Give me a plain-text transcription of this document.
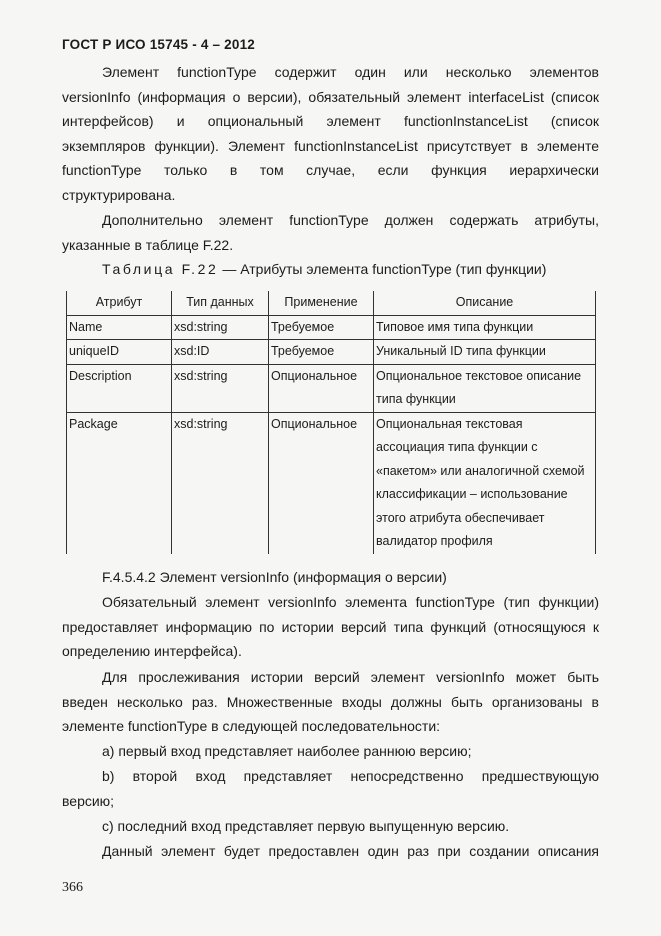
ГОСТ Р ИСО 15745 - 4 – 2012
Элемент functionType содержит один или несколько элементов
versionInfo (информация о версии), обязательный элемент interfaceList (список
интерфейсов) и опциональный элемент functionInstanceList (список
экземпляров функции). Элемент functionInstanceList присутствует в элементе
functionType только в том случае, если функция иерархически
структурирована.
Дополнительно элемент functionType должен содержать атрибуты,
указанные в таблице F.22.
Таблица F.22 — Атрибуты элемента functionType (тип функции)
Атрибут	Тип данных	Применение	Описание
Name	xsd:string	Требуемое	Типовое имя типа функции
uniqueID	xsd:ID	Требуемое	Уникальный ID типа функции
Description	xsd:string	Опциональное	Опциональное текстовое описание типа функции
Package	xsd:string	Опциональное	Опциональная текстовая ассоциация типа функции с «пакетом» или аналогичной схемой классификации – использование этого атрибута обеспечивает валидатор профиля
F.4.5.4.2 Элемент versionInfo (информация о версии)
Обязательный элемент versionInfo элемента functionType (тип функции)
предоставляет информацию по истории версий типа функций (относящуюся к
определению интерфейса).
Для прослеживания истории версий элемент versionInfo может быть
введен несколько раз. Множественные входы должны быть организованы в
элементе functionType в следующей последовательности:
а) первый вход представляет наиболее раннюю версию;
b) второй вход представляет непосредственно предшествующую
версию;
с) последний вход представляет первую выпущенную версию.
Данный элемент будет предоставлен один раз при создании описания
366
